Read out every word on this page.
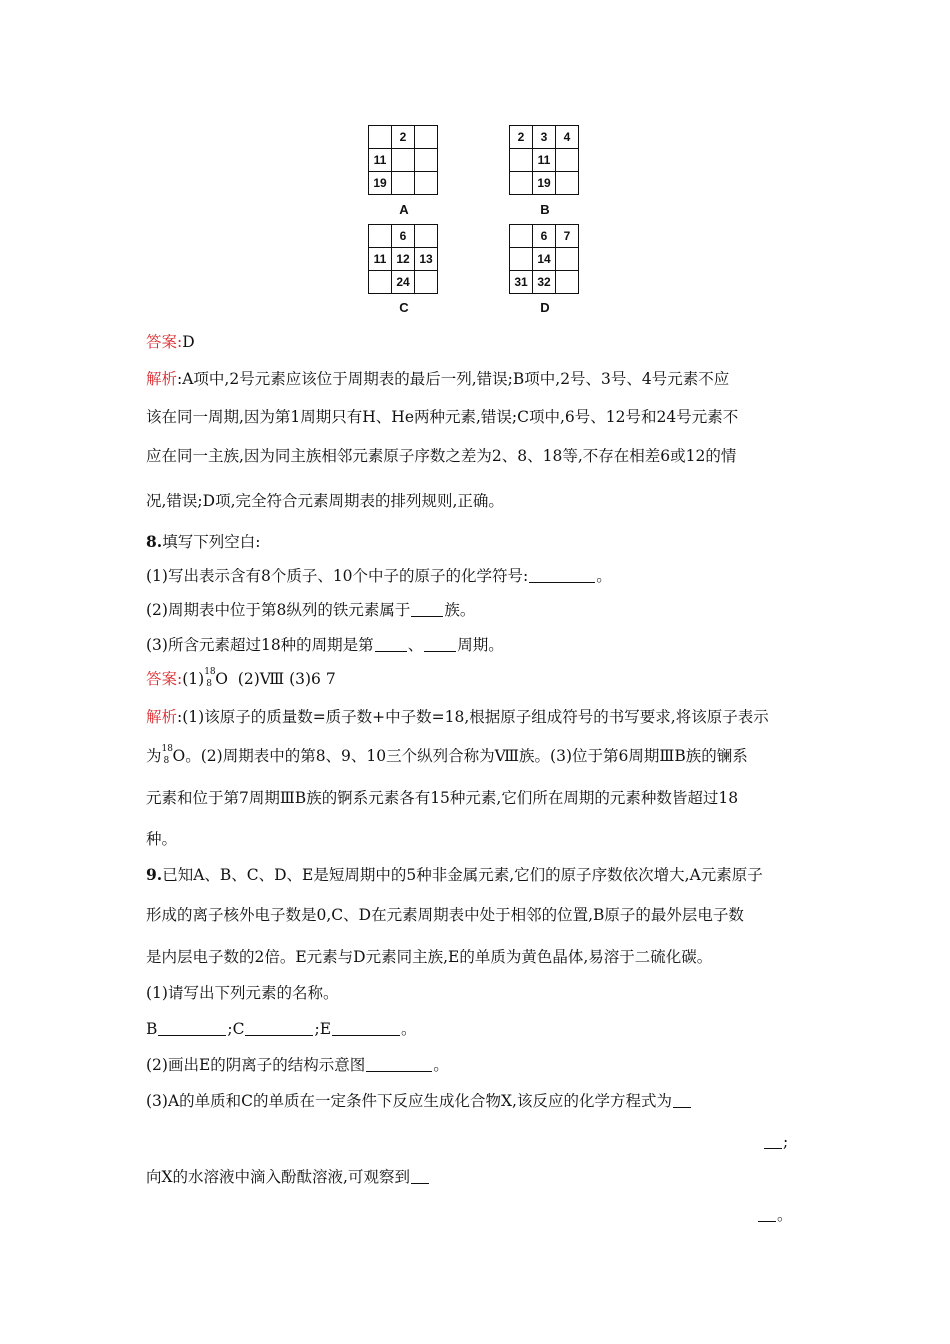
	2	
11		
19		
A
2	3	4
	11	
	19	
B
	6	
11	12	13
	24	
C
	6	7
	14	
31	32	
D
答案:D
解析:A项中,2号元素应该位于周期表的最后一列,错误;B项中,2号、3号、4号元素不应
该在同一周期,因为第1周期只有H、He两种元素,错误;C项中,6号、12号和24号元素不
应在同一主族,因为同主族相邻元素原子序数之差为2、8、18等,不存在相差6或12的情
况,错误;D项,完全符合元素周期表的排列规则,正确。
8.填写下列空白:
(1)写出表示含有8个质子、10个中子的原子的化学符号:	。
(2)周期表中位于第8纵列的铁元素属于 族。
(3)所含元素超过18种的周期是第 、 周期。
答案:(1) 18
8 O (2)Ⅷ (3)6 7
解析:(1)该原子的质量数=质子数+中子数=18,根据原子组成符号的书写要求,将该原子表示
为 18
8 O。(2)周期表中的第8、9、10三个纵列合称为Ⅷ族。(3)位于第6周期ⅢB族的镧系
元素和位于第7周期ⅢB族的锕系元素各有15种元素,它们所在周期的元素种数皆超过18
种。
9.已知A、B、C、D、E是短周期中的5种非金属元素,它们的原子序数依次增大,A元素原子
形成的离子核外电子数是0,C、D在元素周期表中处于相邻的位置,B原子的最外层电子数
是内层电子数的2倍。E元素与D元素同主族,E的单质为黄色晶体,易溶于二硫化碳。
(1)请写出下列元素的名称。
B	;C	;E	。
(2)画出E的阴离子的结构示意图	。
(3)A的单质和C的单质在一定条件下反应生成化合物X,该反应的化学方程式为
;
向X的水溶液中滴入酚酞溶液,可观察到
。
